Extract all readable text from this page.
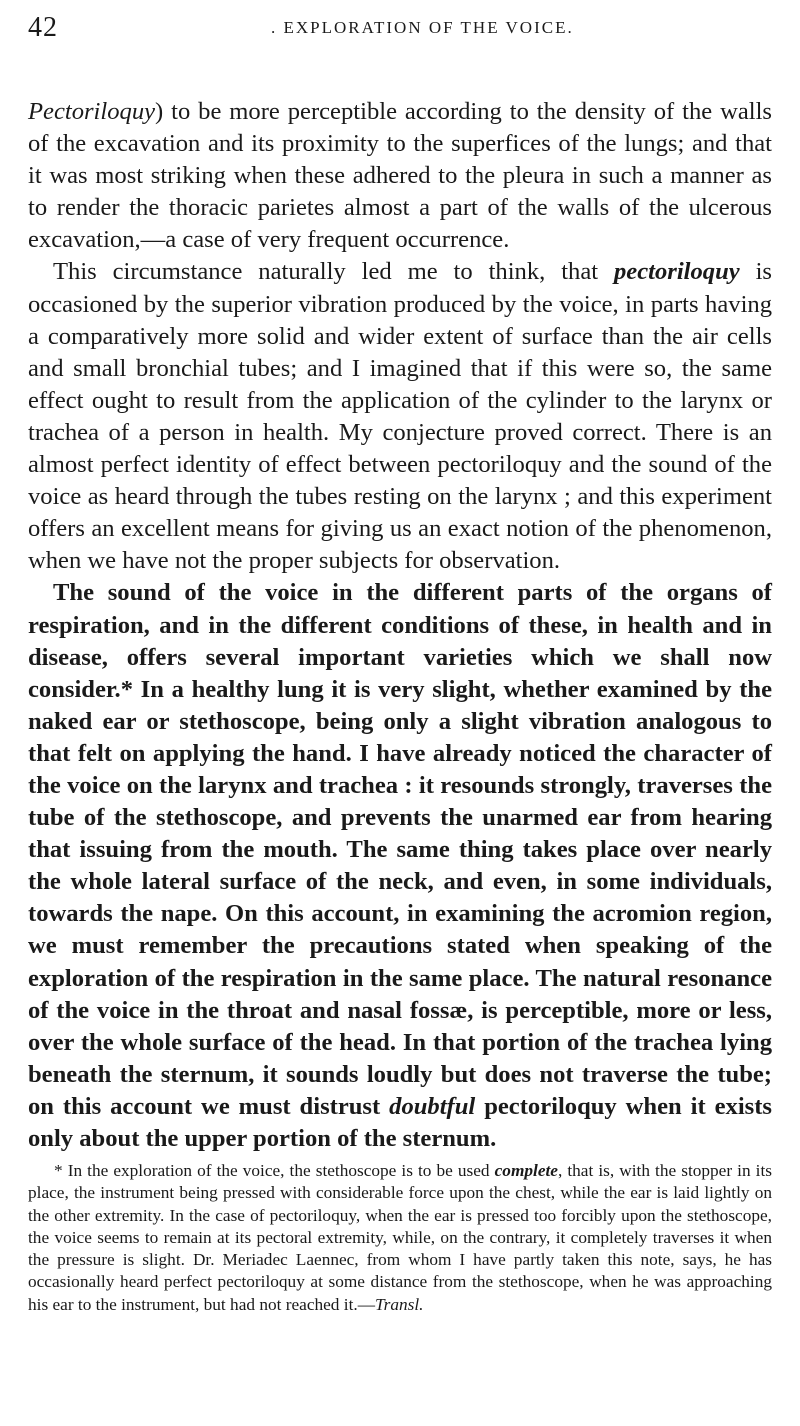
42	. EXPLORATION OF THE VOICE.

Pectoriloquy) to be more perceptible according to the density of the walls of the excavation and its proximity to the superfices of the lungs; and that it was most striking when these adhered to the pleura in such a manner as to render the thoracic parietes almost a part of the walls of the ulcerous excavation,—a case of very frequent occurrence.

This circumstance naturally led me to think, that pectoriloquy is occasioned by the superior vibration produced by the voice, in parts having a comparatively more solid and wider extent of surface than the air cells and small bronchial tubes; and I imagined that if this were so, the same effect ought to result from the application of the cylinder to the larynx or trachea of a person in health. My conjecture proved correct. There is an almost perfect identity of effect between pectoriloquy and the sound of the voice as heard through the tubes resting on the larynx ; and this experiment offers an excellent means for giving us an exact notion of the phenomenon, when we have not the proper subjects for observation.

The sound of the voice in the different parts of the organs of respiration, and in the different conditions of these, in health and in disease, offers several important varieties which we shall now consider.* In a healthy lung it is very slight, whether examined by the naked ear or stethoscope, being only a slight vibration analogous to that felt on applying the hand. I have already noticed the character of the voice on the larynx and trachea : it resounds strongly, traverses the tube of the stethoscope, and prevents the unarmed ear from hearing that issuing from the mouth. The same thing takes place over nearly the whole lateral surface of the neck, and even, in some individuals, towards the nape. On this account, in examining the acromion region, we must remember the precautions stated when speaking of the exploration of the respiration in the same place. The natural resonance of the voice in the throat and nasal fossæ, is perceptible, more or less, over the whole surface of the head. In that portion of the trachea lying beneath the sternum, it sounds loudly but does not traverse the tube; on this account we must distrust doubtful pectoriloquy when it exists only about the upper portion of the sternum.

* In the exploration of the voice, the stethoscope is to be used complete, that is, with the stopper in its place, the instrument being pressed with considerable force upon the chest, while the ear is laid lightly on the other extremity. In the case of pectoriloquy, when the ear is pressed too forcibly upon the stethoscope, the voice seems to remain at its pectoral extremity, while, on the contrary, it completely traverses it when the pressure is slight. Dr. Meriadec Laennec, from whom I have partly taken this note, says, he has occasionally heard perfect pectoriloquy at some distance from the stethoscope, when he was approaching his ear to the instrument, but had not reached it.—Transl.
